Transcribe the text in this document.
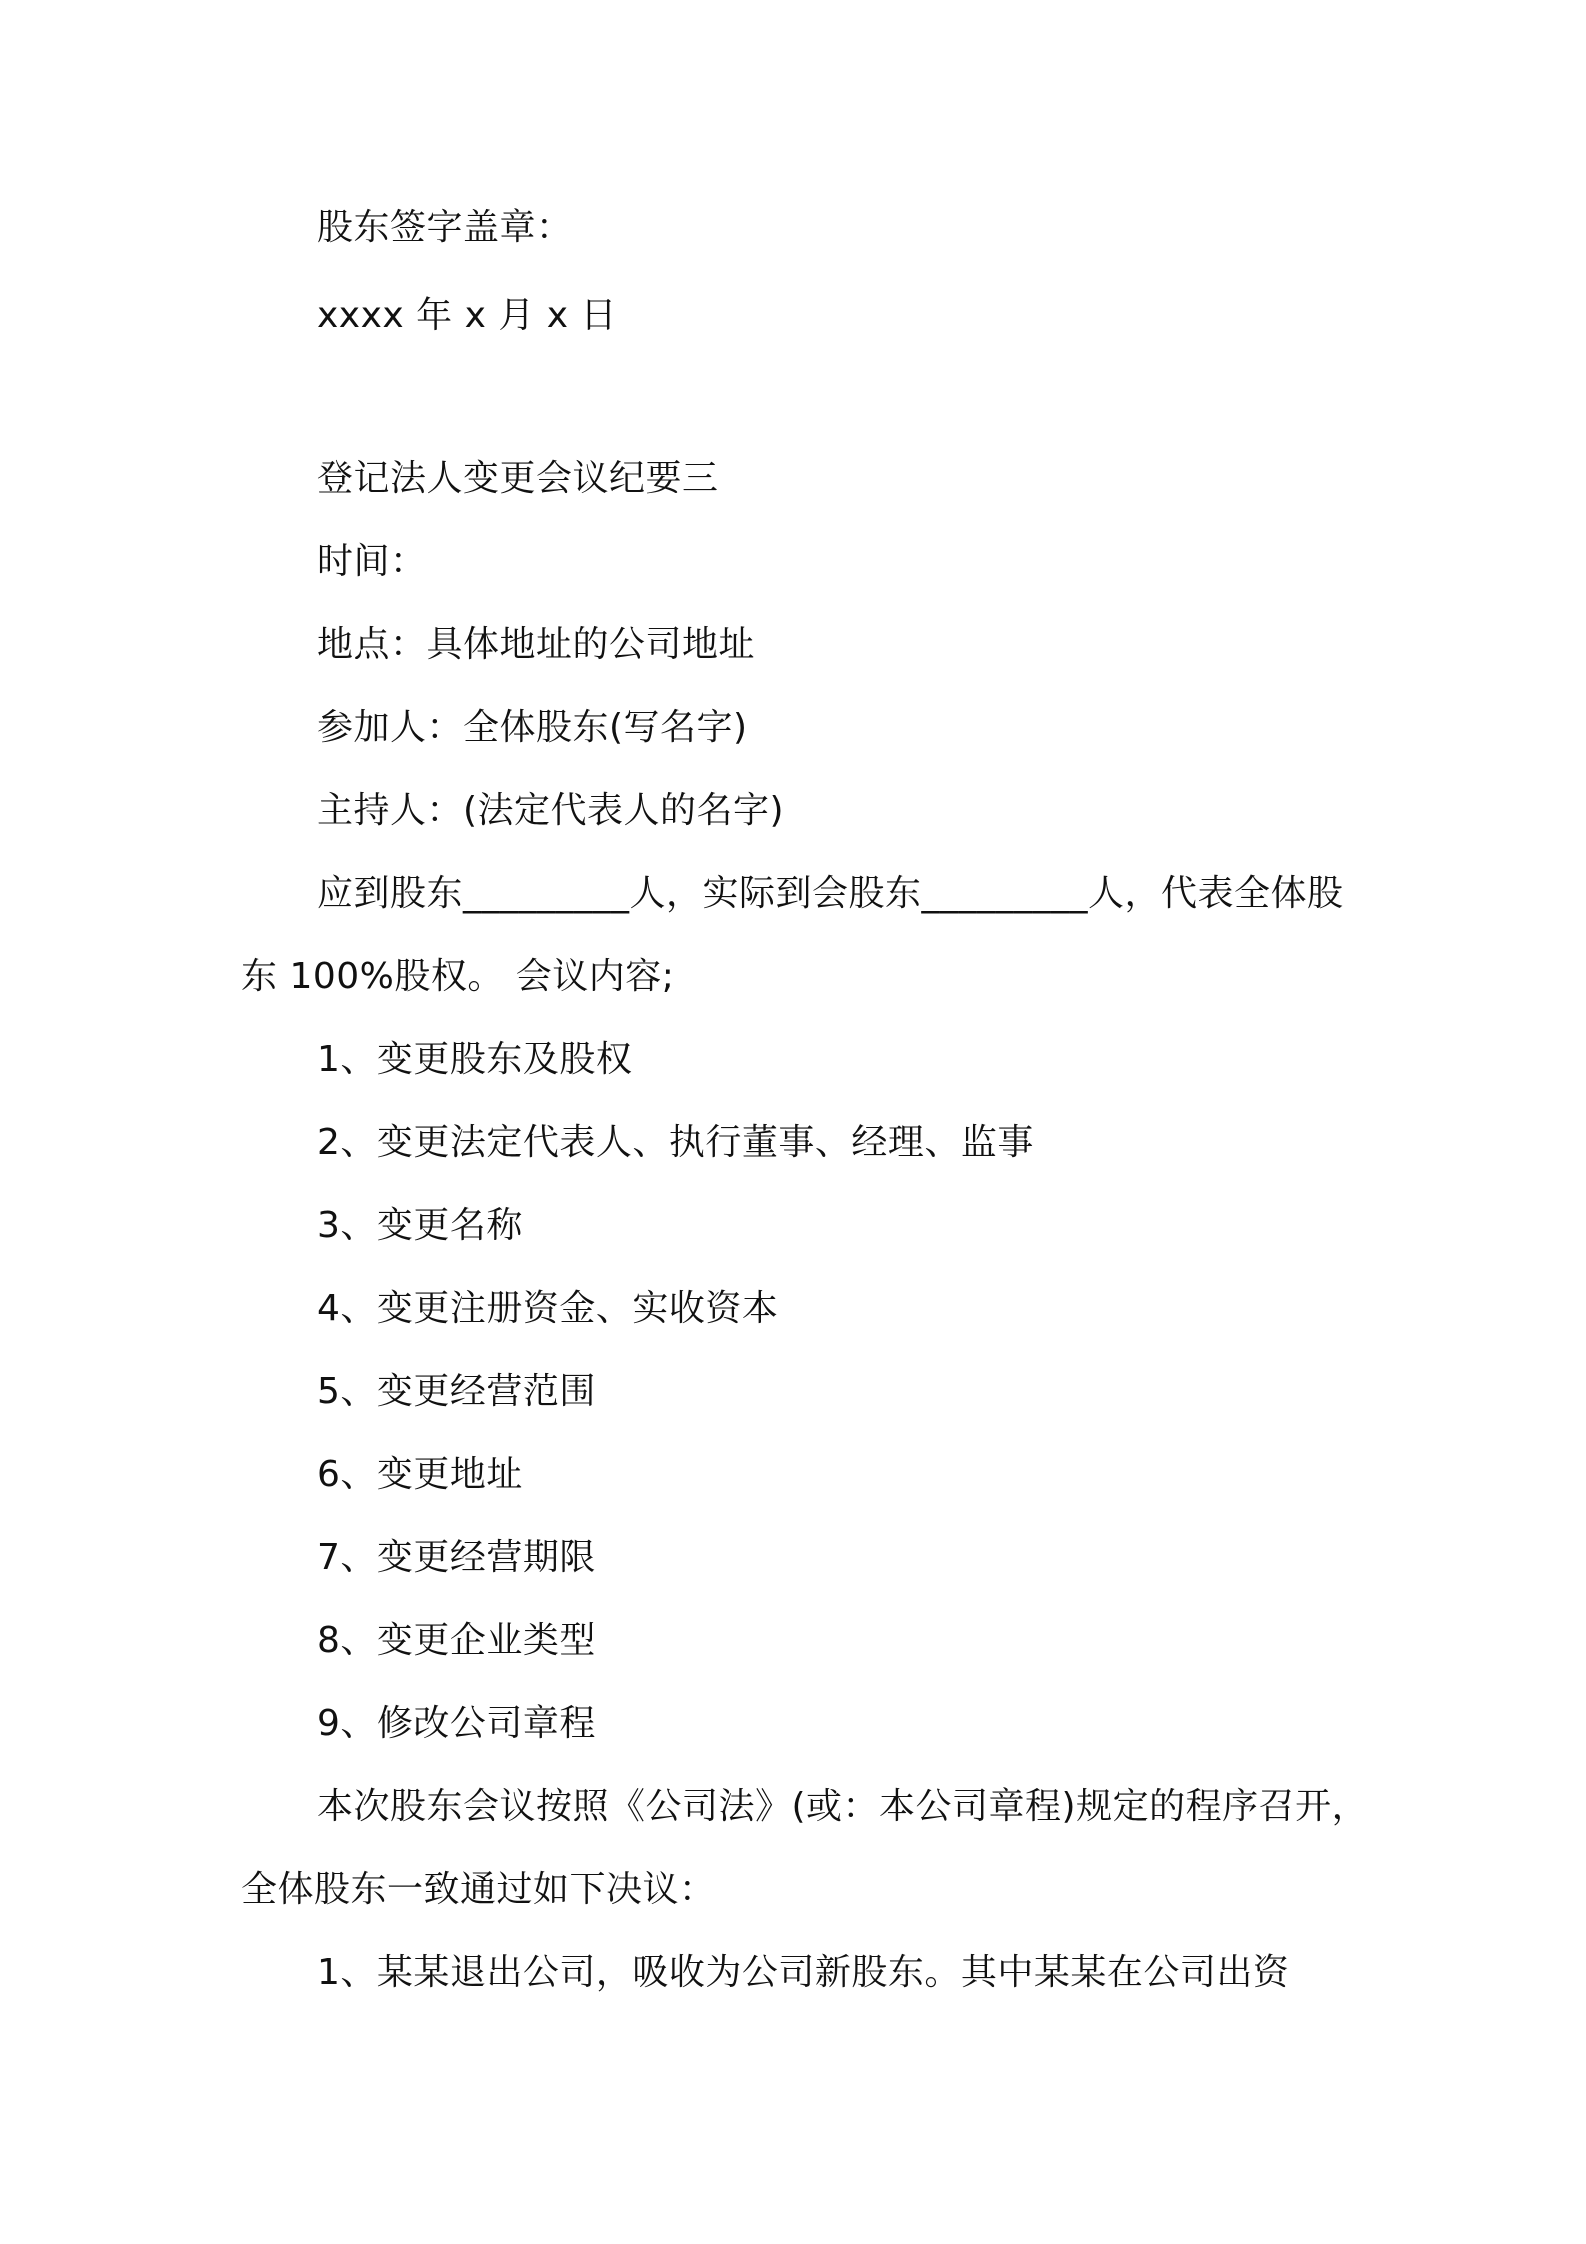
股东签字盖章：
xxxx 年 x 月 x 日
登记法人变更会议纪要三
时间：
地点：具体地址的公司地址
参加人：全体股东(写名字)
主持人：(法定代表人的名字)
应到股东_________人，实际到会股东_________人，代表全体股
东 100%股权。 会议内容;
1、变更股东及股权
2、变更法定代表人、执行董事、经理、监事
3、变更名称
4、变更注册资金、实收资本
5、变更经营范围
6、变更地址
7、变更经营期限
8、变更企业类型
9、修改公司章程
本次股东会议按照《公司法》(或：本公司章程)规定的程序召开，
全体股东一致通过如下决议：
1、某某退出公司，吸收为公司新股东。其中某某在公司出资
